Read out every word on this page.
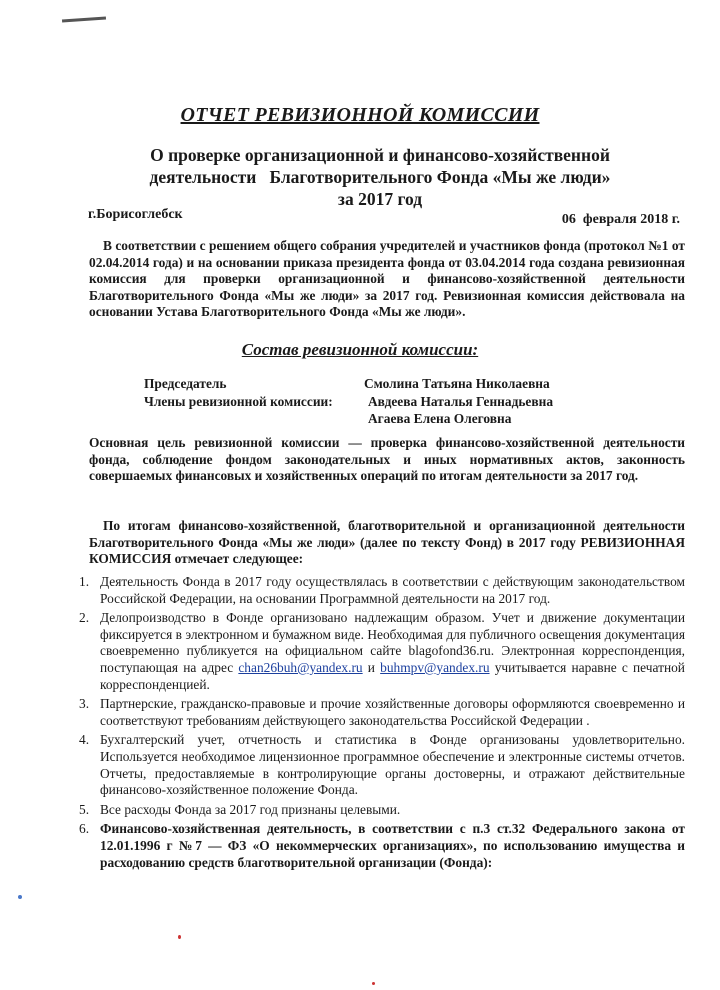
ОТЧЕТ РЕВИЗИОННОЙ КОМИССИИ
О проверке организационной и финансово-хозяйственной
деятельности   Благотворительного Фонда «Мы же люди»
за 2017 год
г.Борисоглебск	06  февраля 2018 г.
В соответствии с решением общего собрания учредителей и участников фонда (протокол №1 от 02.04.2014 года) и на основании приказа президента фонда от 03.04.2014 года создана ревизионная комиссия для проверки организационной и финансово-хозяйственной деятельности Благотворительного Фонда «Мы же люди» за 2017 год. Ревизионная комиссия действовала на основании Устава Благотворительного Фонда «Мы же люди».
Состав ревизионной комиссии:
Председатель	Смолина Татьяна Николаевна
Члены ревизионной комиссии:	Авдеева Наталья Геннадьевна
Агаева Елена Олеговна
Основная цель ревизионной комиссии — проверка финансово-хозяйственной деятельности фонда, соблюдение фондом законодательных и иных нормативных актов, законность совершаемых финансовых и хозяйственных операций по итогам деятельности за 2017 год.
По итогам финансово-хозяйственной, благотворительной и организационной деятельности Благотворительного Фонда «Мы же люди» (далее по тексту Фонд) в 2017 году РЕВИЗИОННАЯ КОМИССИЯ отмечает следующее:
1. Деятельность Фонда в 2017 году осуществлялась в соответствии с действующим законодательством Российской Федерации, на основании Программной деятельности на 2017 год.
2. Делопроизводство в Фонде организовано надлежащим образом. Учет и движение документации фиксируется в электронном и бумажном виде. Необходимая для публичного освещения документация своевременно публикуется на официальном сайте blagofond36.ru. Электронная корреспонденция, поступающая на адрес chan26buh@yandex.ru и buhmpv@yandex.ru учитывается наравне с печатной корреспонденцией.
3. Партнерские, гражданско-правовые и прочие хозяйственные договоры оформляются своевременно и соответствуют требованиям действующего законодательства Российской Федерации .
4. Бухгалтерский учет, отчетность и статистика в Фонде организованы удовлетворительно. Используется необходимое лицензионное программное обеспечение и электронные системы отчетов. Отчеты, предоставляемые в контролирующие органы достоверны, и отражают действительные финансово-хозяйственное положение Фонда.
5. Все расходы Фонда за 2017 год признаны целевыми.
6. Финансово-хозяйственная деятельность, в соответствии с п.3 ст.32 Федерального закона от 12.01.1996 г №7 — ФЗ «О некоммерческих организациях», по использованию имущества и расходованию средств благотворительной организации (Фонда):
